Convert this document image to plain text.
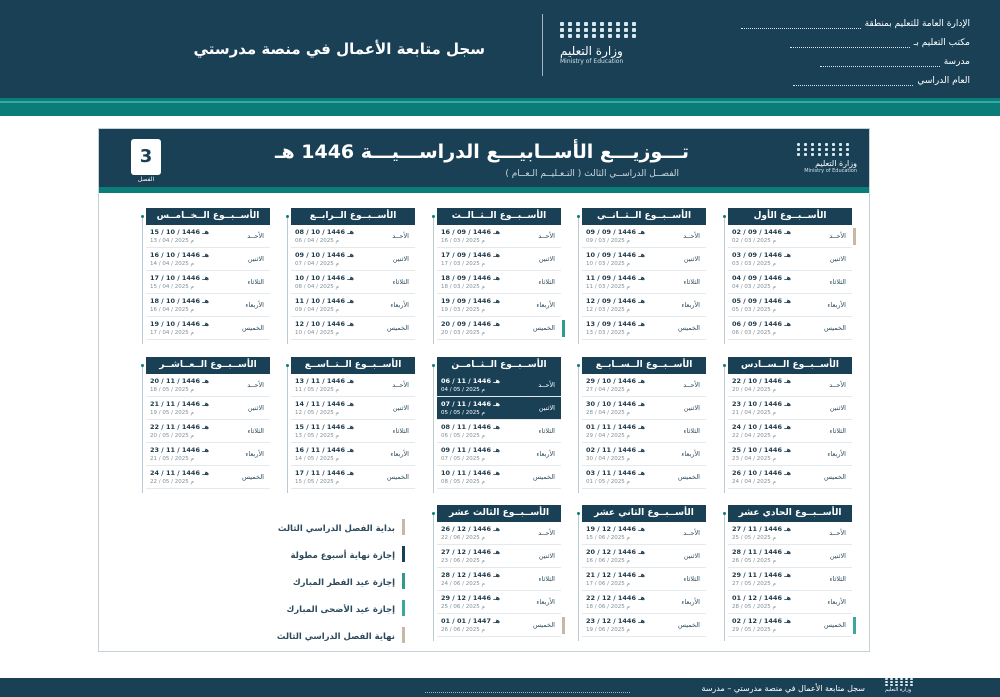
الإدارة العامة للتعليم بمنطقة
مكتب التعليم بـ
مدرسة
العام الدراسي
وزارة التعليم
Ministry of Education
سجل متابعة الأعمال في منصة مدرستي
وزارة التعليم
Ministry of Education
تـــوزيـــع الأســابيـــع الدراســـيـــة 1446 هـ
الفصــل الدراســي الثالث ( التـعـليــم الـعــام )
3
الفصل
الأســبــوع الأول
الأحــد
02 / 09 / 1446 هـ
02 / 03 / 2025 م
الاثنين
03 / 09 / 1446 هـ
03 / 03 / 2025 م
الثلاثاء
04 / 09 / 1446 هـ
04 / 03 / 2025 م
الأربعاء
05 / 09 / 1446 هـ
05 / 03 / 2025 م
الخميس
06 / 09 / 1446 هـ
06 / 03 / 2025 م
الأســبــوع الــثــانــي
الأحــد
09 / 09 / 1446 هـ
09 / 03 / 2025 م
الاثنين
10 / 09 / 1446 هـ
10 / 03 / 2025 م
الثلاثاء
11 / 09 / 1446 هـ
11 / 03 / 2025 م
الأربعاء
12 / 09 / 1446 هـ
12 / 03 / 2025 م
الخميس
13 / 09 / 1446 هـ
13 / 03 / 2025 م
الأســبــوع الــثــالــث
الأحــد
16 / 09 / 1446 هـ
16 / 03 / 2025 م
الاثنين
17 / 09 / 1446 هـ
17 / 03 / 2025 م
الثلاثاء
18 / 09 / 1446 هـ
18 / 03 / 2025 م
الأربعاء
19 / 09 / 1446 هـ
19 / 03 / 2025 م
الخميس
20 / 09 / 1446 هـ
20 / 03 / 2025 م
الأســبــوع الــرابــع
الأحــد
08 / 10 / 1446 هـ
06 / 04 / 2025 م
الاثنين
09 / 10 / 1446 هـ
07 / 04 / 2025 م
الثلاثاء
10 / 10 / 1446 هـ
08 / 04 / 2025 م
الأربعاء
11 / 10 / 1446 هـ
09 / 04 / 2025 م
الخميس
12 / 10 / 1446 هـ
10 / 04 / 2025 م
الأســبــوع الــخــامــس
الأحــد
15 / 10 / 1446 هـ
13 / 04 / 2025 م
الاثنين
16 / 10 / 1446 هـ
14 / 04 / 2025 م
الثلاثاء
17 / 10 / 1446 هـ
15 / 04 / 2025 م
الأربعاء
18 / 10 / 1446 هـ
16 / 04 / 2025 م
الخميس
19 / 10 / 1446 هـ
17 / 04 / 2025 م
الأســبــوع الــســادس
الأحــد
22 / 10 / 1446 هـ
20 / 04 / 2025 م
الاثنين
23 / 10 / 1446 هـ
21 / 04 / 2025 م
الثلاثاء
24 / 10 / 1446 هـ
22 / 04 / 2025 م
الأربعاء
25 / 10 / 1446 هـ
23 / 04 / 2025 م
الخميس
26 / 10 / 1446 هـ
24 / 04 / 2025 م
الأســبــوع الــســابــع
الأحــد
29 / 10 / 1446 هـ
27 / 04 / 2025 م
الاثنين
30 / 10 / 1446 هـ
28 / 04 / 2025 م
الثلاثاء
01 / 11 / 1446 هـ
29 / 04 / 2025 م
الأربعاء
02 / 11 / 1446 هـ
30 / 04 / 2025 م
الخميس
03 / 11 / 1446 هـ
01 / 05 / 2025 م
الأســبــوع الــثــامــن
الأحــد
06 / 11 / 1446 هـ
04 / 05 / 2025 م
الاثنين
07 / 11 / 1446 هـ
05 / 05 / 2025 م
الثلاثاء
08 / 11 / 1446 هـ
06 / 05 / 2025 م
الأربعاء
09 / 11 / 1446 هـ
07 / 05 / 2025 م
الخميس
10 / 11 / 1446 هـ
08 / 05 / 2025 م
الأســبــوع الــتــاســع
الأحــد
13 / 11 / 1446 هـ
11 / 05 / 2025 م
الاثنين
14 / 11 / 1446 هـ
12 / 05 / 2025 م
الثلاثاء
15 / 11 / 1446 هـ
13 / 05 / 2025 م
الأربعاء
16 / 11 / 1446 هـ
14 / 05 / 2025 م
الخميس
17 / 11 / 1446 هـ
15 / 05 / 2025 م
الأســبــوع الــعــاشــر
الأحــد
20 / 11 / 1446 هـ
18 / 05 / 2025 م
الاثنين
21 / 11 / 1446 هـ
19 / 05 / 2025 م
الثلاثاء
22 / 11 / 1446 هـ
20 / 05 / 2025 م
الأربعاء
23 / 11 / 1446 هـ
21 / 05 / 2025 م
الخميس
24 / 11 / 1446 هـ
22 / 05 / 2025 م
الأســبــوع الحادي عشر
الأحــد
27 / 11 / 1446 هـ
25 / 05 / 2025 م
الاثنين
28 / 11 / 1446 هـ
26 / 05 / 2025 م
الثلاثاء
29 / 11 / 1446 هـ
27 / 05 / 2025 م
الأربعاء
01 / 12 / 1446 هـ
28 / 05 / 2025 م
الخميس
02 / 12 / 1446 هـ
29 / 05 / 2025 م
الأســبــوع الثاني عشر
الأحــد
19 / 12 / 1446 هـ
15 / 06 / 2025 م
الاثنين
20 / 12 / 1446 هـ
16 / 06 / 2025 م
الثلاثاء
21 / 12 / 1446 هـ
17 / 06 / 2025 م
الأربعاء
22 / 12 / 1446 هـ
18 / 06 / 2025 م
الخميس
23 / 12 / 1446 هـ
19 / 06 / 2025 م
الأســبــوع الثالث عشر
الأحــد
26 / 12 / 1446 هـ
22 / 06 / 2025 م
الاثنين
27 / 12 / 1446 هـ
23 / 06 / 2025 م
الثلاثاء
28 / 12 / 1446 هـ
24 / 06 / 2025 م
الأربعاء
29 / 12 / 1446 هـ
25 / 06 / 2025 م
الخميس
01 / 01 / 1447 هـ
26 / 06 / 2025 م
بداية الفصل الدراسي الثالث
إجازة نهاية أسبوع مطولة
إجازة عيد الفطر المبارك
إجازة عيد الأضحى المبارك
نهاية الفصل الدراسي الثالث
سجل متابعة الأعمال في منصة مدرستي – مدرسة	وزارة التعليم
